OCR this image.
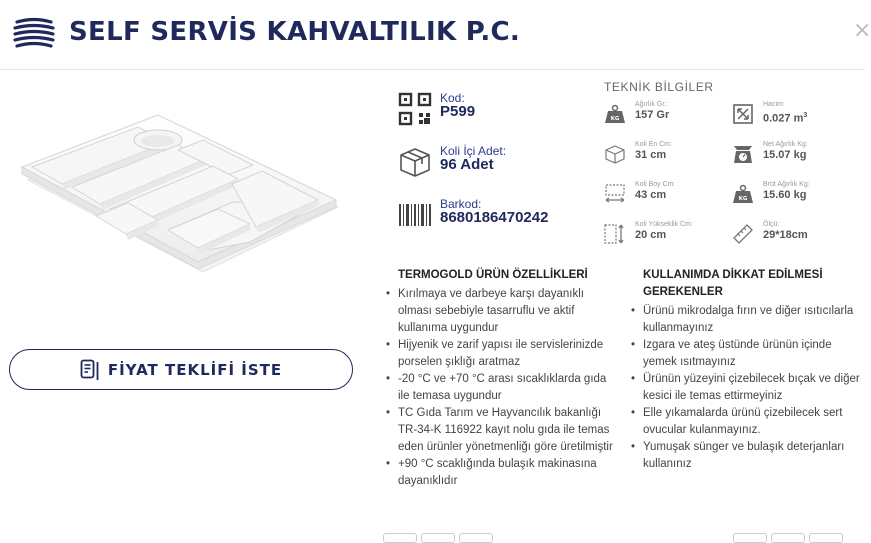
SELF SERVİS KAHVALTILIK P.C.	×
FİYAT TEKLİFİ İSTE
Kod:
P599
Koli İçi Adet:
96 Adet
Barkod:
8680186470242
TEKNİK BİLGİLER
KG
Ağırlık Gr.:
157 Gr
Hacim:
0.027 $m^3$
Koli En Cm:
31 cm
Net Ağırlık Kg:
15.07 kg
Koli Boy Cm:
43 cm	KG
Brüt Ağırlık Kg:
15.60 kg
Koli Yükseklik Cm:
20 cm
Ölçü:
29*18cm
TERMOGOLD ÜRÜN ÖZELLİKLERİ
• Kırılmaya ve darbeye karşı dayanıklı olması sebebiyle tasarruflu ve aktif kullanıma uygundur
• Hijyenik ve zarif yapısı ile servislerinizde porselen şıklığı aratmaz
• -20 °C ve +70 °C arası sıcaklıklarda gıda ile temasa uygundur
• TC Gıda Tarım ve Hayvancılık bakanlığı TR-34-K 116922 kayıt nolu gıda ile temas eden ürünler yönetmenliğı göre üretilmiştir
• +90 °C scaklığında bulaşık makinasına dayanıklıdır
KULLANIMDA DİKKAT EDİLMESİ GEREKENLER
• Ürünü mikrodalga fırın ve diğer ısıtıcılarla kullanmayınız
• Izgara ve ateş üstünde ürünün içinde yemek ısıtmayınız
• Ürünün yüzeyini çizebilecek bıçak ve diğer kesici ile temas ettirmeyiniz
• Elle yıkamalarda ürünü çizebilecek sert ovucular kulanmayınız.
• Yumuşak sünger ve bulaşık deterjanları kullanınız
